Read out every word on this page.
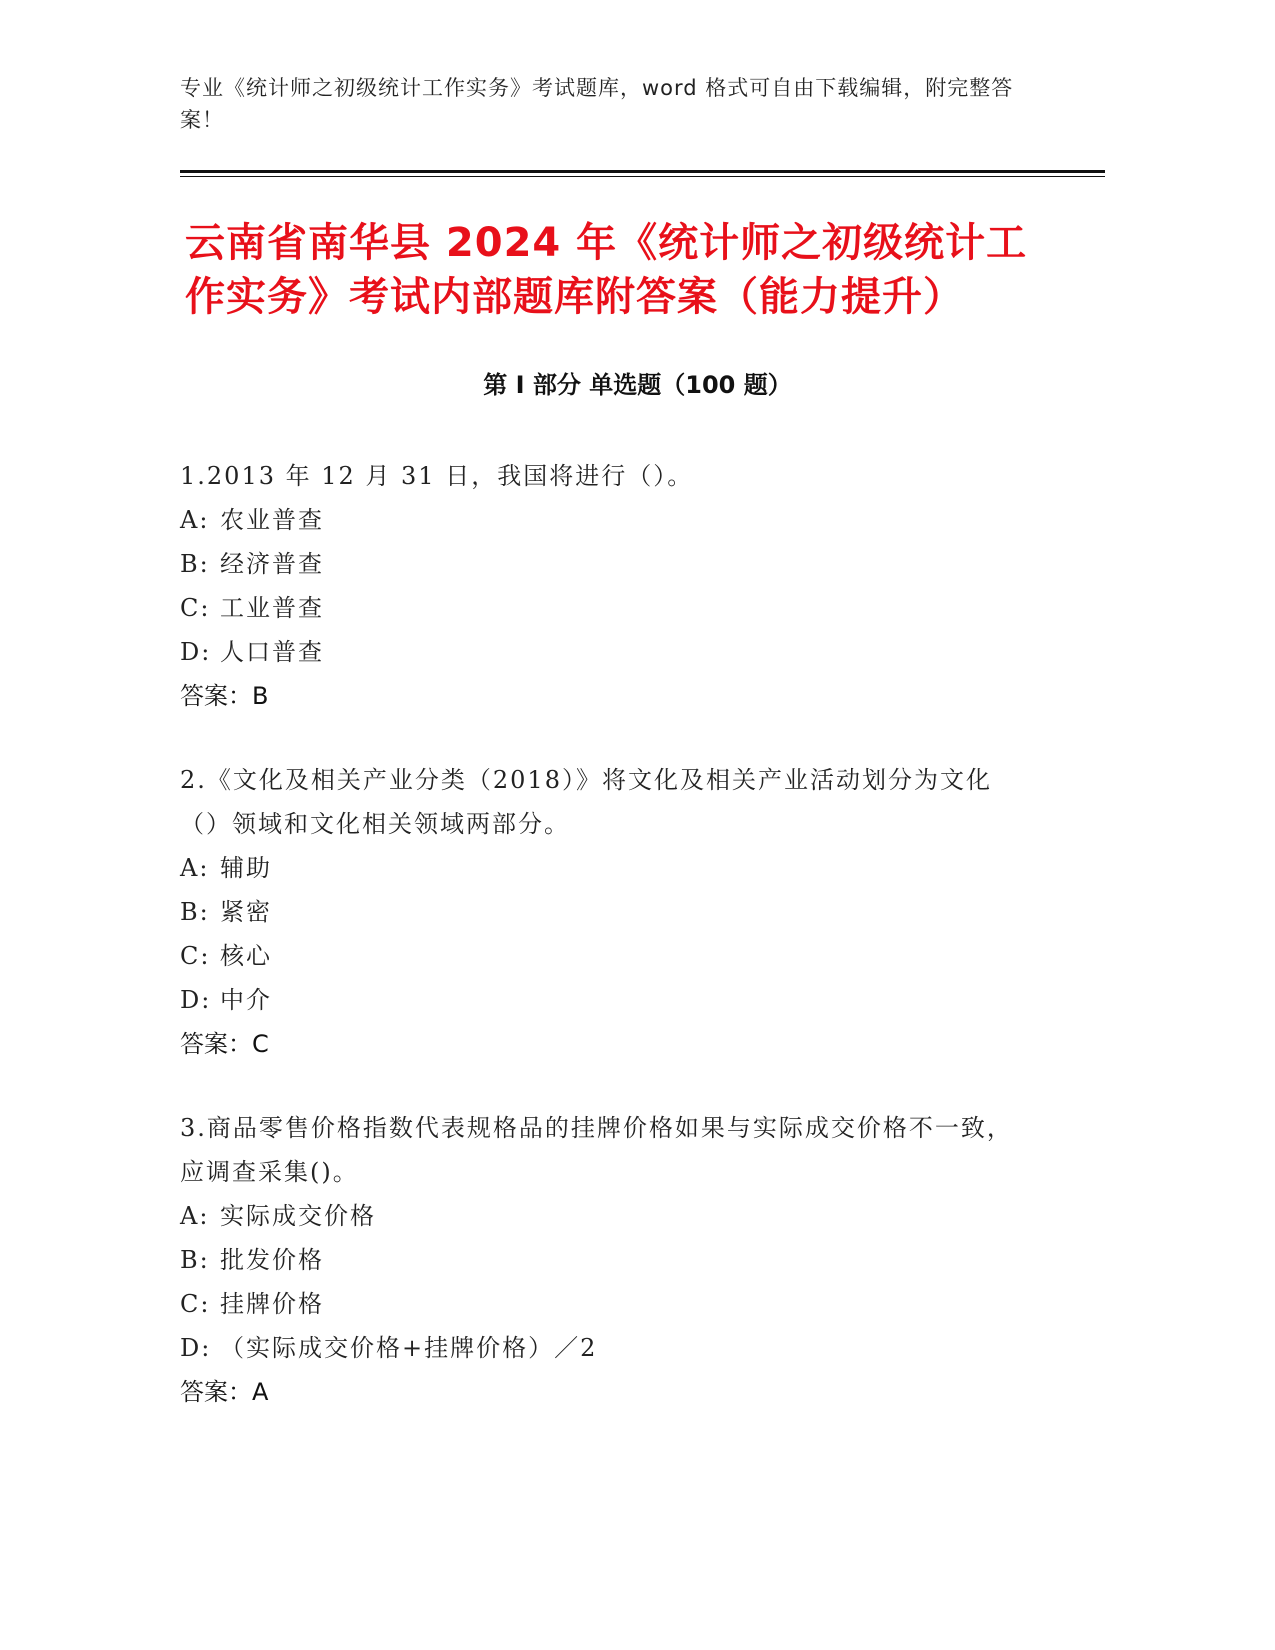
专业《统计师之初级统计工作实务》考试题库，word 格式可自由下载编辑，附完整答案！
云南省南华县 2024 年《统计师之初级统计工作实务》考试内部题库附答案（能力提升）
第 I 部分 单选题（100 题）

1.2013 年 12 月 31 日，我国将进行（）。

A: 农业普查
B: 经济普查
C: 工业普查
D: 人口普查
答案：B

2.《文化及相关产业分类（2018）》将文化及相关产业活动划分为文化（）领域和文化相关领域两部分。

A: 辅助
B: 紧密
C: 核心
D: 中介
答案：C

3.商品零售价格指数代表规格品的挂牌价格如果与实际成交价格不一致，应调查采集()。

A: 实际成交价格
B: 批发价格
C: 挂牌价格
D: （实际成交价格+挂牌价格）／2
答案：A
